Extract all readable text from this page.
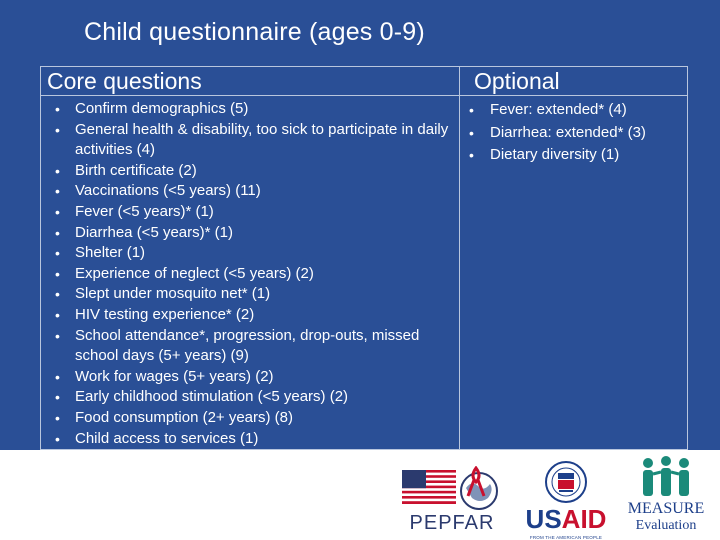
Child questionnaire (ages 0-9)
Core questions
• Confirm demographics (5)
• General health & disability, too sick to participate in daily activities (4)
• Birth certificate (2)
• Vaccinations (<5 years) (11)
• Fever (<5 years)* (1)
• Diarrhea (<5 years)* (1)
• Shelter (1)
• Experience of neglect (<5 years) (2)
• Slept under mosquito net* (1)
• HIV testing experience* (2)
• School attendance*, progression, drop-outs, missed school days (5+ years) (9)
• Work for wages (5+ years) (2)
• Early childhood stimulation (<5 years) (2)
• Food consumption (2+ years) (8)
• Child access to services (1)
Optional
• Fever: extended* (4)
• Diarrhea: extended* (3)
• Dietary diversity (1)
PEPFAR	USAID
FROM THE AMERICAN PEOPLE
MEASURE
Evaluation
